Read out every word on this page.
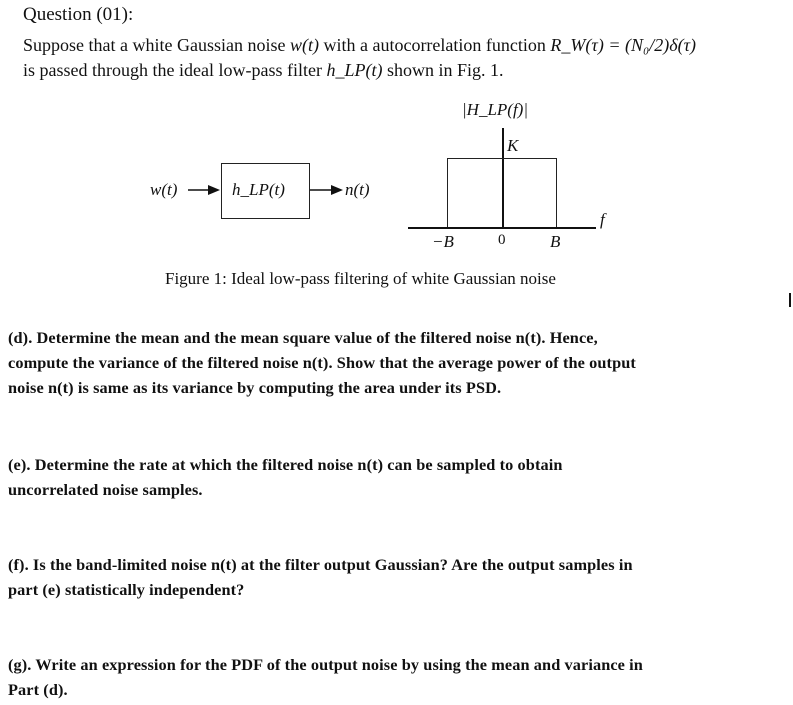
Question (01):
Suppose that a white Gaussian noise w(t) with a autocorrelation function R_W(τ) = (N₀/2)δ(τ)
is passed through the ideal low-pass filter h_LP(t) shown in Fig. 1.
w(t)	h_LP(t)	n(t)
|H_LP(f)|
K
f
−B	0	B
Figure 1: Ideal low-pass filtering of white Gaussian noise
(d). Determine the mean and the mean square value of the filtered noise n(t). Hence,
compute the variance of the filtered noise n(t). Show that the average power of the output
noise n(t) is same as its variance by computing the area under its PSD.
(e). Determine the rate at which the filtered noise n(t) can be sampled to obtain
uncorrelated noise samples.
(f). Is the band-limited noise n(t) at the filter output Gaussian? Are the output samples in
part (e) statistically independent?
(g). Write an expression for the PDF of the output noise by using the mean and variance in
Part (d).
